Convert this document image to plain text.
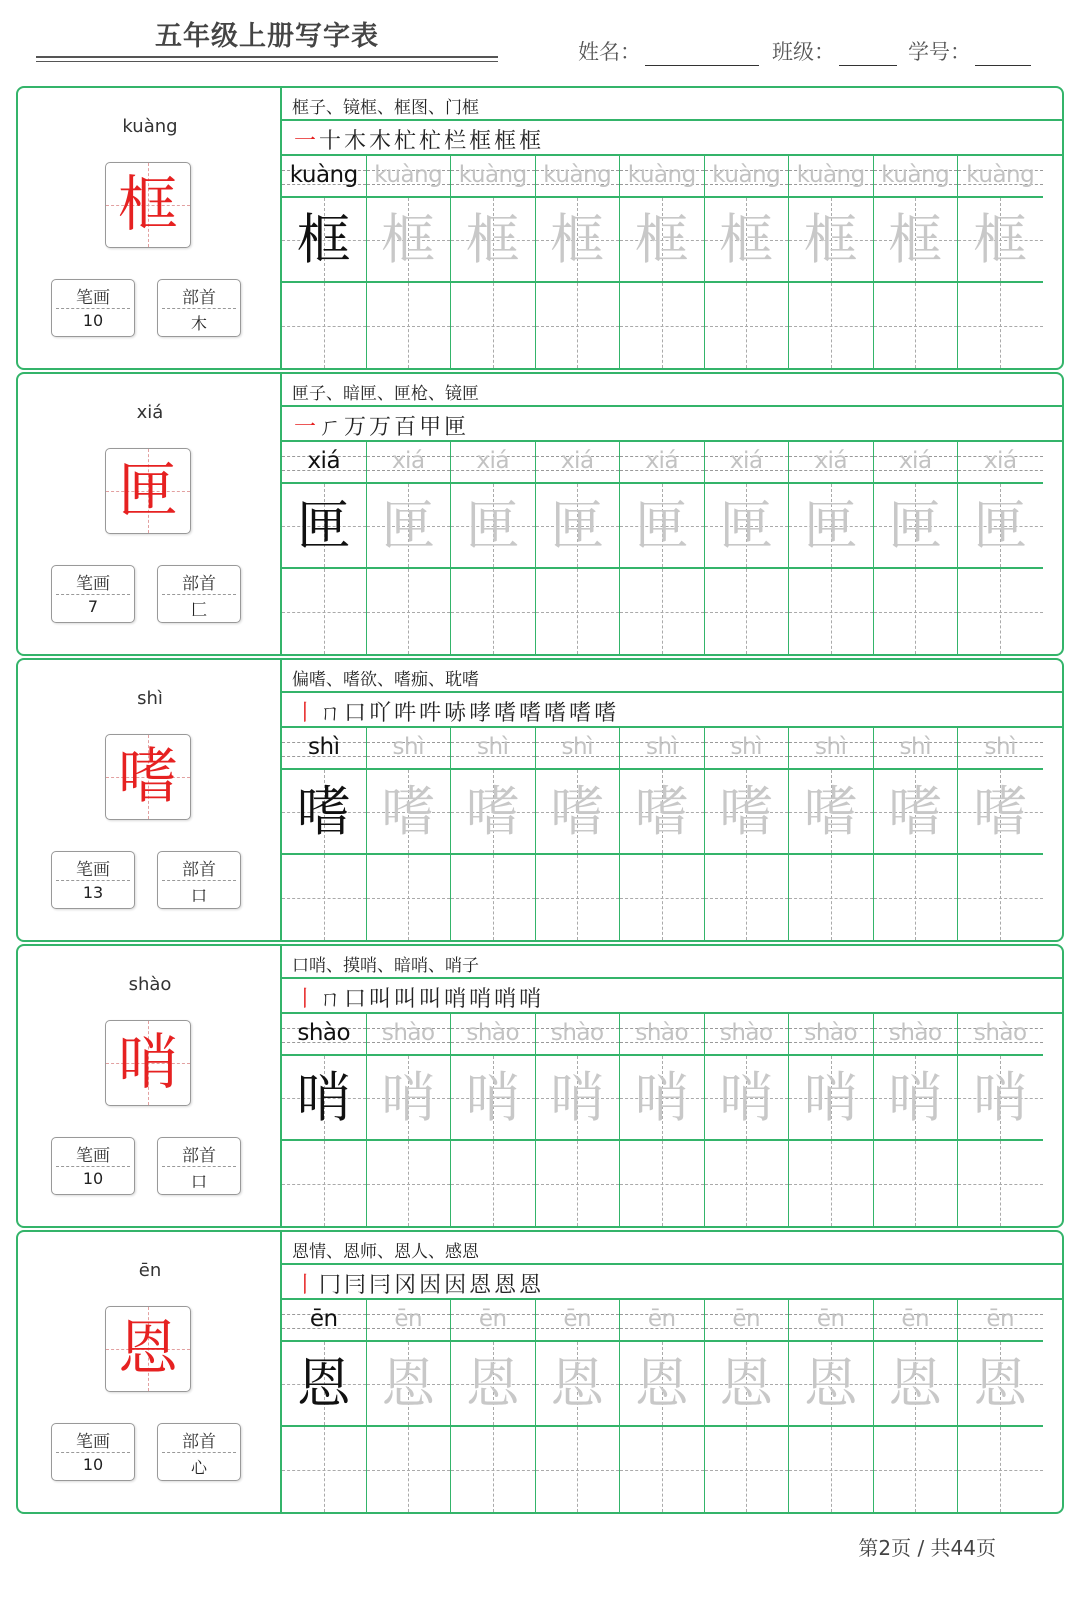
五年级上册写字表	姓名：	班级：	学号：
kuàng
框
笔画
10
部首
木
框子、镜框、框图、门框
一十木木杧杧栏框框框
kuàng
框
kuàng
框
kuàng
框
kuàng
框
kuàng
框
kuàng
框
kuàng
框
kuàng
框
kuàng
框
xiá
匣
笔画
7
部首
匚
匣子、暗匣、匣枪、镜匣
一ㄏ万万百甲匣
xiá
匣
xiá
匣
xiá
匣
xiá
匣
xiá
匣
xiá
匣
xiá
匣
xiá
匣
xiá
匣
shì
嗜
笔画
13
部首
口
偏嗜、嗜欲、嗜痂、耽嗜
丨ㄇ口吖吽吽哧哮嗜嗜嗜嗜嗜
shì
嗜
shì
嗜
shì
嗜
shì
嗜
shì
嗜
shì
嗜
shì
嗜
shì
嗜
shì
嗜
shào
哨
笔画
10
部首
口
口哨、摸哨、暗哨、哨子
丨ㄇ口叫叫叫哨哨哨哨
shào
哨
shào
哨
shào
哨
shào
哨
shào
哨
shào
哨
shào
哨
shào
哨
shào
哨
ēn
恩
笔画
10
部首
心
恩情、恩师、恩人、感恩
丨冂冃冃冈因因恩恩恩
ēn
恩
ēn
恩
ēn
恩
ēn
恩
ēn
恩
ēn
恩
ēn
恩
ēn
恩
ēn
恩
第2页 / 共44页
